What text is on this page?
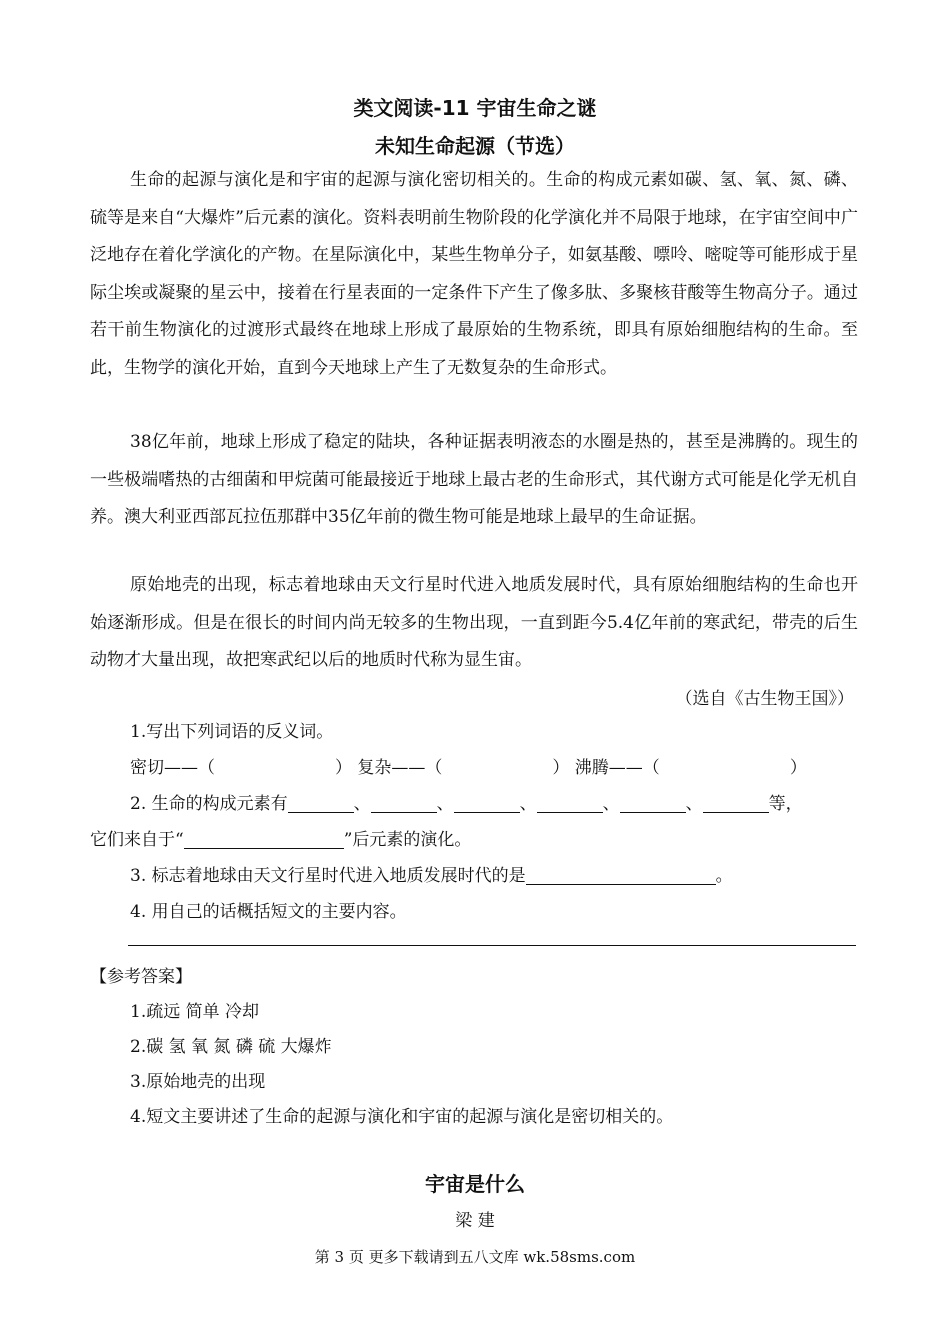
类文阅读-11 宇宙生命之谜
未知生命起源（节选）

生命的起源与演化是和宇宙的起源与演化密切相关的。生命的构成元素如碳、氢、氧、氮、磷、硫等是来自“大爆炸”后元素的演化。资料表明前生物阶段的化学演化并不局限于地球，在宇宙空间中广泛地存在着化学演化的产物。在星际演化中，某些生物单分子，如氨基酸、嘌呤、嘧啶等可能形成于星际尘埃或凝聚的星云中，接着在行星表面的一定条件下产生了像多肽、多聚核苷酸等生物高分子。通过若干前生物演化的过渡形式最终在地球上形成了最原始的生物系统，即具有原始细胞结构的生命。至此，生物学的演化开始，直到今天地球上产生了无数复杂的生命形式。

38亿年前，地球上形成了稳定的陆块，各种证据表明液态的水圈是热的，甚至是沸腾的。现生的一些极端嗜热的古细菌和甲烷菌可能最接近于地球上最古老的生命形式，其代谢方式可能是化学无机自养。澳大利亚西部瓦拉伍那群中35亿年前的微生物可能是地球上最早的生命证据。

原始地壳的出现，标志着地球由天文行星时代进入地质发展时代，具有原始细胞结构的生命也开始逐渐形成。但是在很长的时间内尚无较多的生物出现，一直到距今5.4亿年前的寒武纪，带壳的后生动物才大量出现，故把寒武纪以后的地质时代称为显生宙。

（选自《古生物王国》）
1.写出下列词语的反义词。
密切——（	） 复杂——（	） 沸腾——（	）
2. 生命的构成元素有	、	、	、	、	、	等，
它们来自于“	”后元素的演化。
3. 标志着地球由天文行星时代进入地质发展时代的是	。
4. 用自己的话概括短文的主要内容。
【参考答案】
1.疏远 简单 冷却
2.碳 氢 氧 氮 磷 硫 大爆炸
3.原始地壳的出现
4.短文主要讲述了生命的起源与演化和宇宙的起源与演化是密切相关的。
宇宙是什么
梁 建
第 3 页 更多下载请到五八文库 wk.58sms.com
